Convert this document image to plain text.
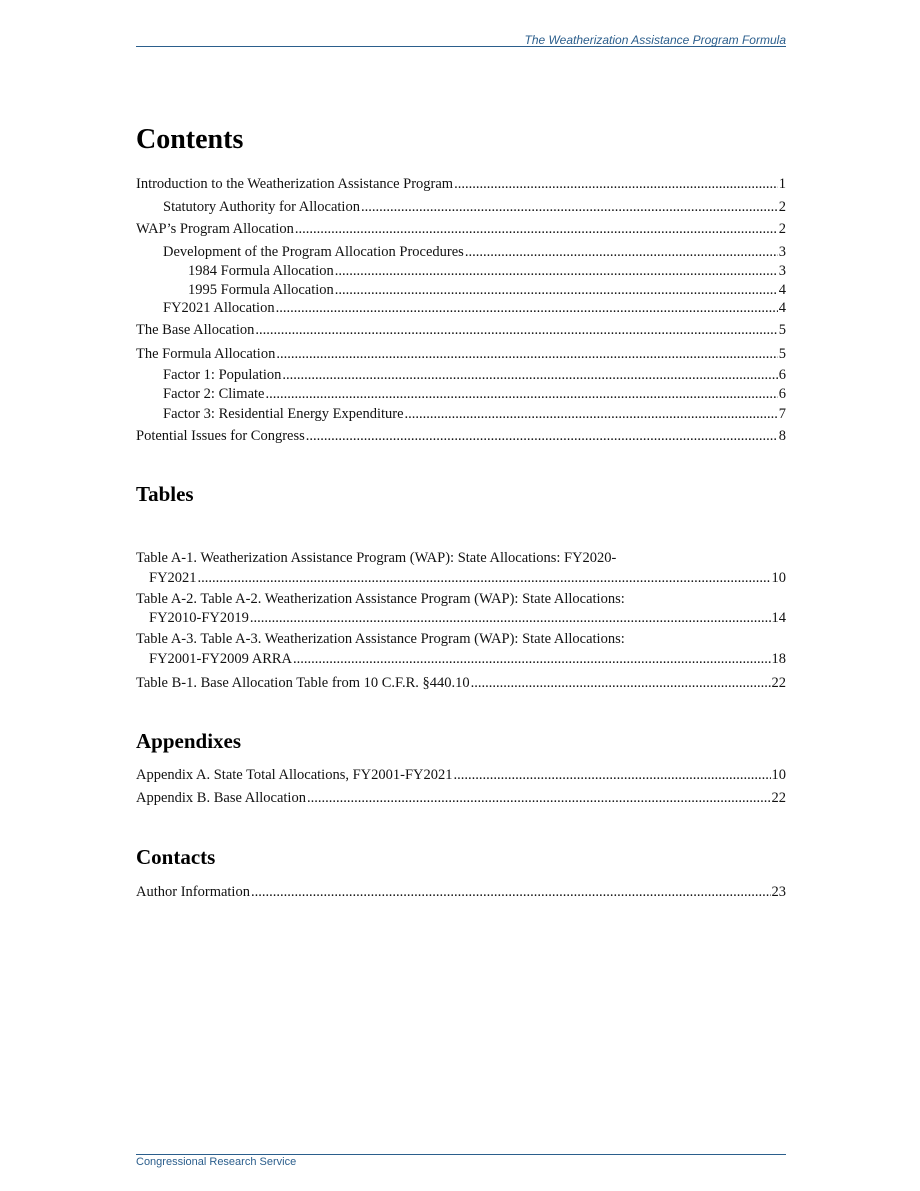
The Weatherization Assistance Program Formula
Contents
Introduction to the Weatherization Assistance Program .....	1
Statutory Authority for Allocation .....	2
WAP’s Program Allocation .....	2
Development of the Program Allocation Procedures .....	3
1984 Formula Allocation .....	3
1995 Formula Allocation .....	4
FY2021 Allocation .....	4
The Base Allocation .....	5
The Formula Allocation .....	5
Factor 1: Population .....	6
Factor 2: Climate .....	6
Factor 3: Residential Energy Expenditure .....	7
Potential Issues for Congress .....	8
Tables
Table A-1. Weatherization Assistance Program (WAP): State Allocations: FY2020-
FY2021 .....	10
Table A-2. Table A-2. Weatherization Assistance Program (WAP): State Allocations:
FY2010-FY2019 .....	14
Table A-3. Table A-3. Weatherization Assistance Program (WAP): State Allocations:
FY2001-FY2009 ARRA .....	18
Table B-1. Base Allocation Table from 10 C.F.R. §440.10 .....	22
Appendixes
Appendix A. State Total Allocations, FY2001-FY2021 .....	10
Appendix B. Base Allocation .....	22
Contacts
Author Information .....	23
Congressional Research Service
